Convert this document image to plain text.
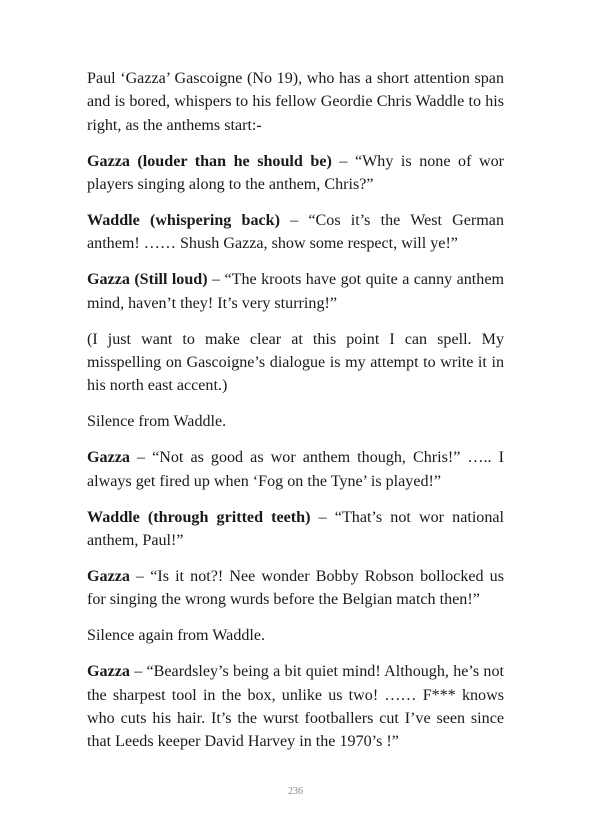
Paul ‘Gazza’ Gascoigne (No 19), who has a short attention span and is bored, whispers to his fellow Geordie Chris Waddle to his right, as the anthems start:-

Gazza (louder than he should be) – “Why is none of wor players singing along to the anthem, Chris?”

Waddle (whispering back) – “Cos it’s the West German anthem! …… Shush Gazza, show some respect, will ye!”

Gazza (Still loud) – “The kroots have got quite a canny anthem mind, haven’t they! It’s very sturring!”

(I just want to make clear at this point I can spell. My misspelling on Gascoigne’s dialogue is my attempt to write it in his north east accent.)

Silence from Waddle.

Gazza – “Not as good as wor anthem though, Chris!” ….. I always get fired up when ‘Fog on the Tyne’ is played!”

Waddle (through gritted teeth) – “That’s not wor national anthem, Paul!”

Gazza – “Is it not?! Nee wonder Bobby Robson bollocked us for singing the wrong wurds before the Belgian match then!”

Silence again from Waddle.

Gazza – “Beardsley’s being a bit quiet mind! Although, he’s not the sharpest tool in the box, unlike us two! …… F*** knows who cuts his hair. It’s the wurst footballers cut I’ve seen since that Leeds keeper David Harvey in the 1970’s !”

236
